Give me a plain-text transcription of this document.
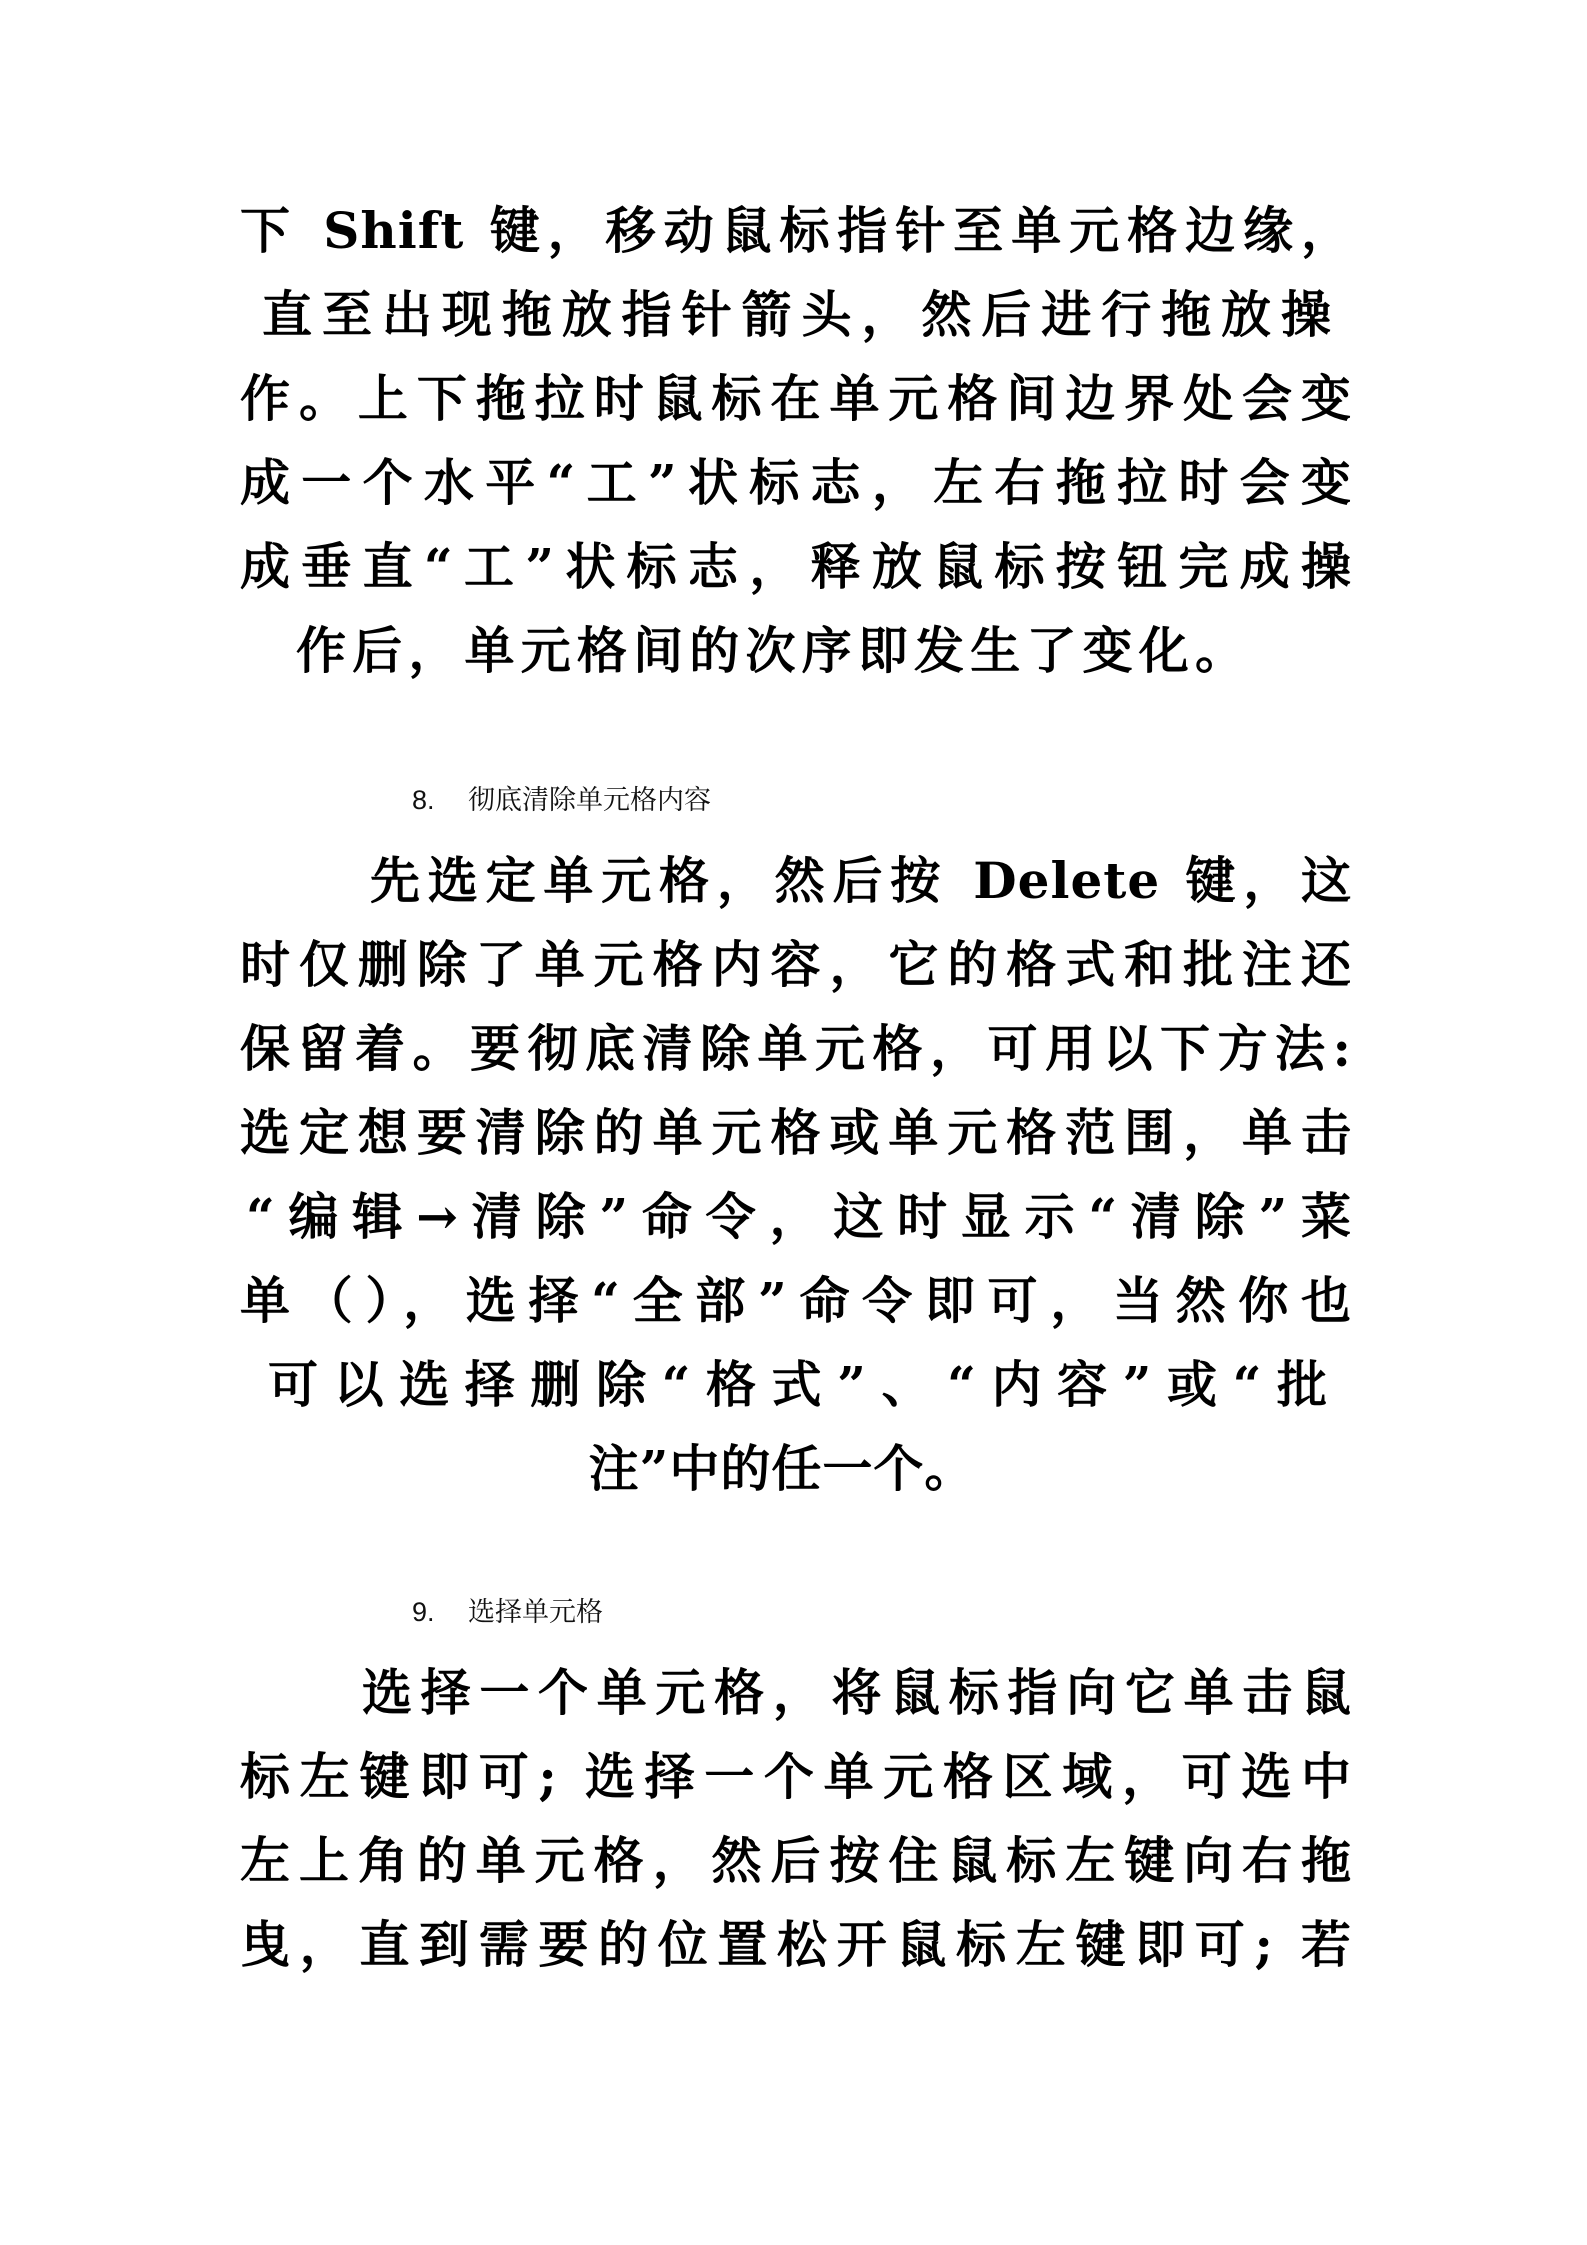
下 Shift 键，移动鼠标指针至单元格边缘，
直至出现拖放指针箭头，然后进行拖放操
作。上下拖拉时鼠标在单元格间边界处会变
成一个水平“工”状标志，左右拖拉时会变
成垂直“工”状标志，释放鼠标按钮完成操
作后，单元格间的次序即发生了变化。
8. 彻底清除单元格内容
先选定单元格，然后按 Delete 键，这
时仅删除了单元格内容，它的格式和批注还
保留着。要彻底清除单元格，可用以下方法:
选定想要清除的单元格或单元格范围，单击
“编辑→清除”命令，这时显示“清除”菜
单（），选择“全部”命令即可，当然你也
可以选择删除“格式”、“内容”或“批
注”中的任一个。
9. 选择单元格
选择一个单元格，将鼠标指向它单击鼠
标左键即可; 选择一个单元格区域，可选中
左上角的单元格，然后按住鼠标左键向右拖
曳，直到需要的位置松开鼠标左键即可; 若
